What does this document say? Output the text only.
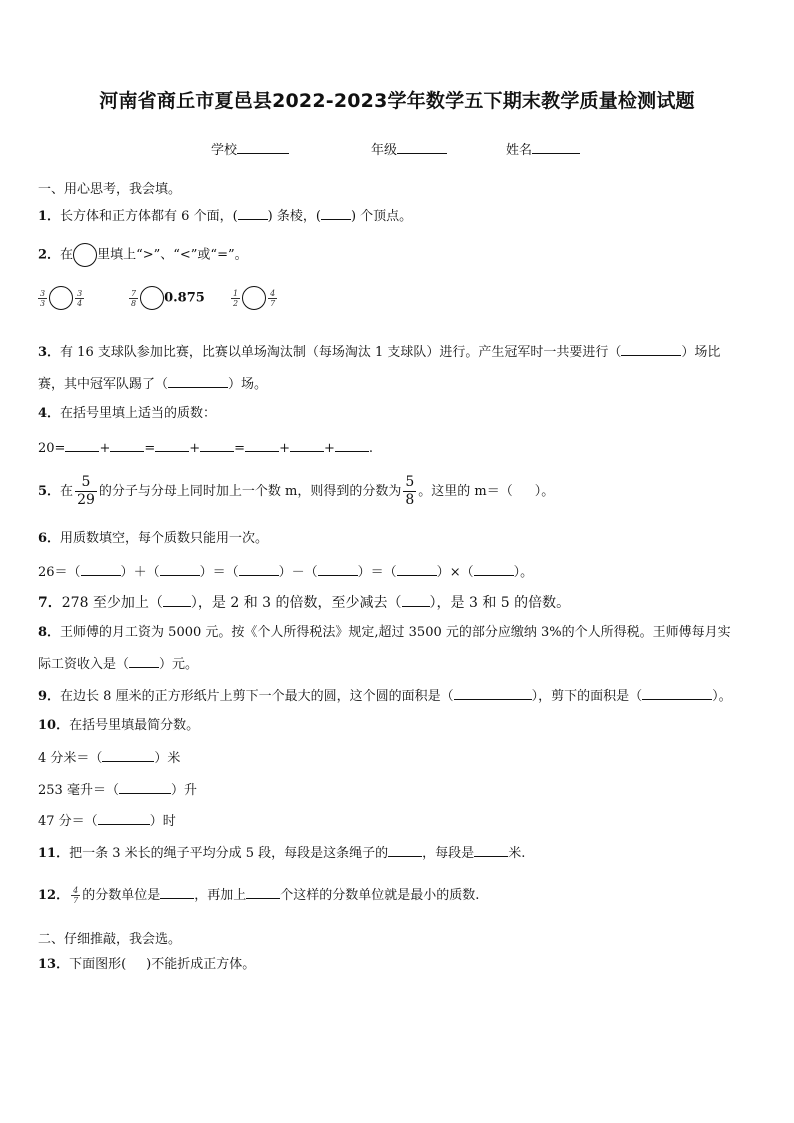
河南省商丘市夏邑县2022-2023学年数学五下期末教学质量检测试题
学校	年级	姓名
一、用心思考，我会填。
1．长方体和正方体都有 6 个面，( ) 条棱，( ) 个顶点。
2．在 里填上“>”、“<”或“=”。
$\frac{3}{3}$	$\frac{3}{4}$	$\frac{7}{8} 0.875$	$\frac{1}{2}$	$\frac{4}{7}$
3．有 16 支球队参加比赛，比赛以单场淘汰制（每场淘汰 1 支球队）进行。产生冠军时一共要进行（	）场比
赛，其中冠军队踢了（	）场。
4．在括号里填上适当的质数：
20=	+	=	+	=	+	+	.
5．在 $\frac{5}{29}$ 的分子与分母上同时加上一个数 m，则得到的分数为 $\frac{5}{8}$ 。这里的 m＝（ ）。
6．用质数填空，每个质数只能用一次。
26＝（	）＋（	）＝（	）－（	）＝（	）×（	）。
7．278 至少加上（ ），是 2 和 3 的倍数，至少减去（ ），是 3 和 5 的倍数。
8．王师傅的月工资为 5000 元。按《个人所得税法》规定,超过 3500 元的部分应缴纳 3%的个人所得税。王师傅每月实
际工资收入是（ ）元。
9．在边长 8 厘米的正方形纸片上剪下一个最大的圆，这个圆的面积是（	），剪下的面积是（	）。
10．在括号里填最简分数。
4 分米＝（	）米
253 毫升＝（	）升
47 分＝（	）时
11．把一条 3 米长的绳子平均分成 5 段，每段是这条绳子的	，每段是	米.
12． $\frac{4}{7}$ 的分数单位是	，再加上	个这样的分数单位就是最小的质数.
二、仔细推敲，我会选。
13．下面图形( )不能折成正方体。
